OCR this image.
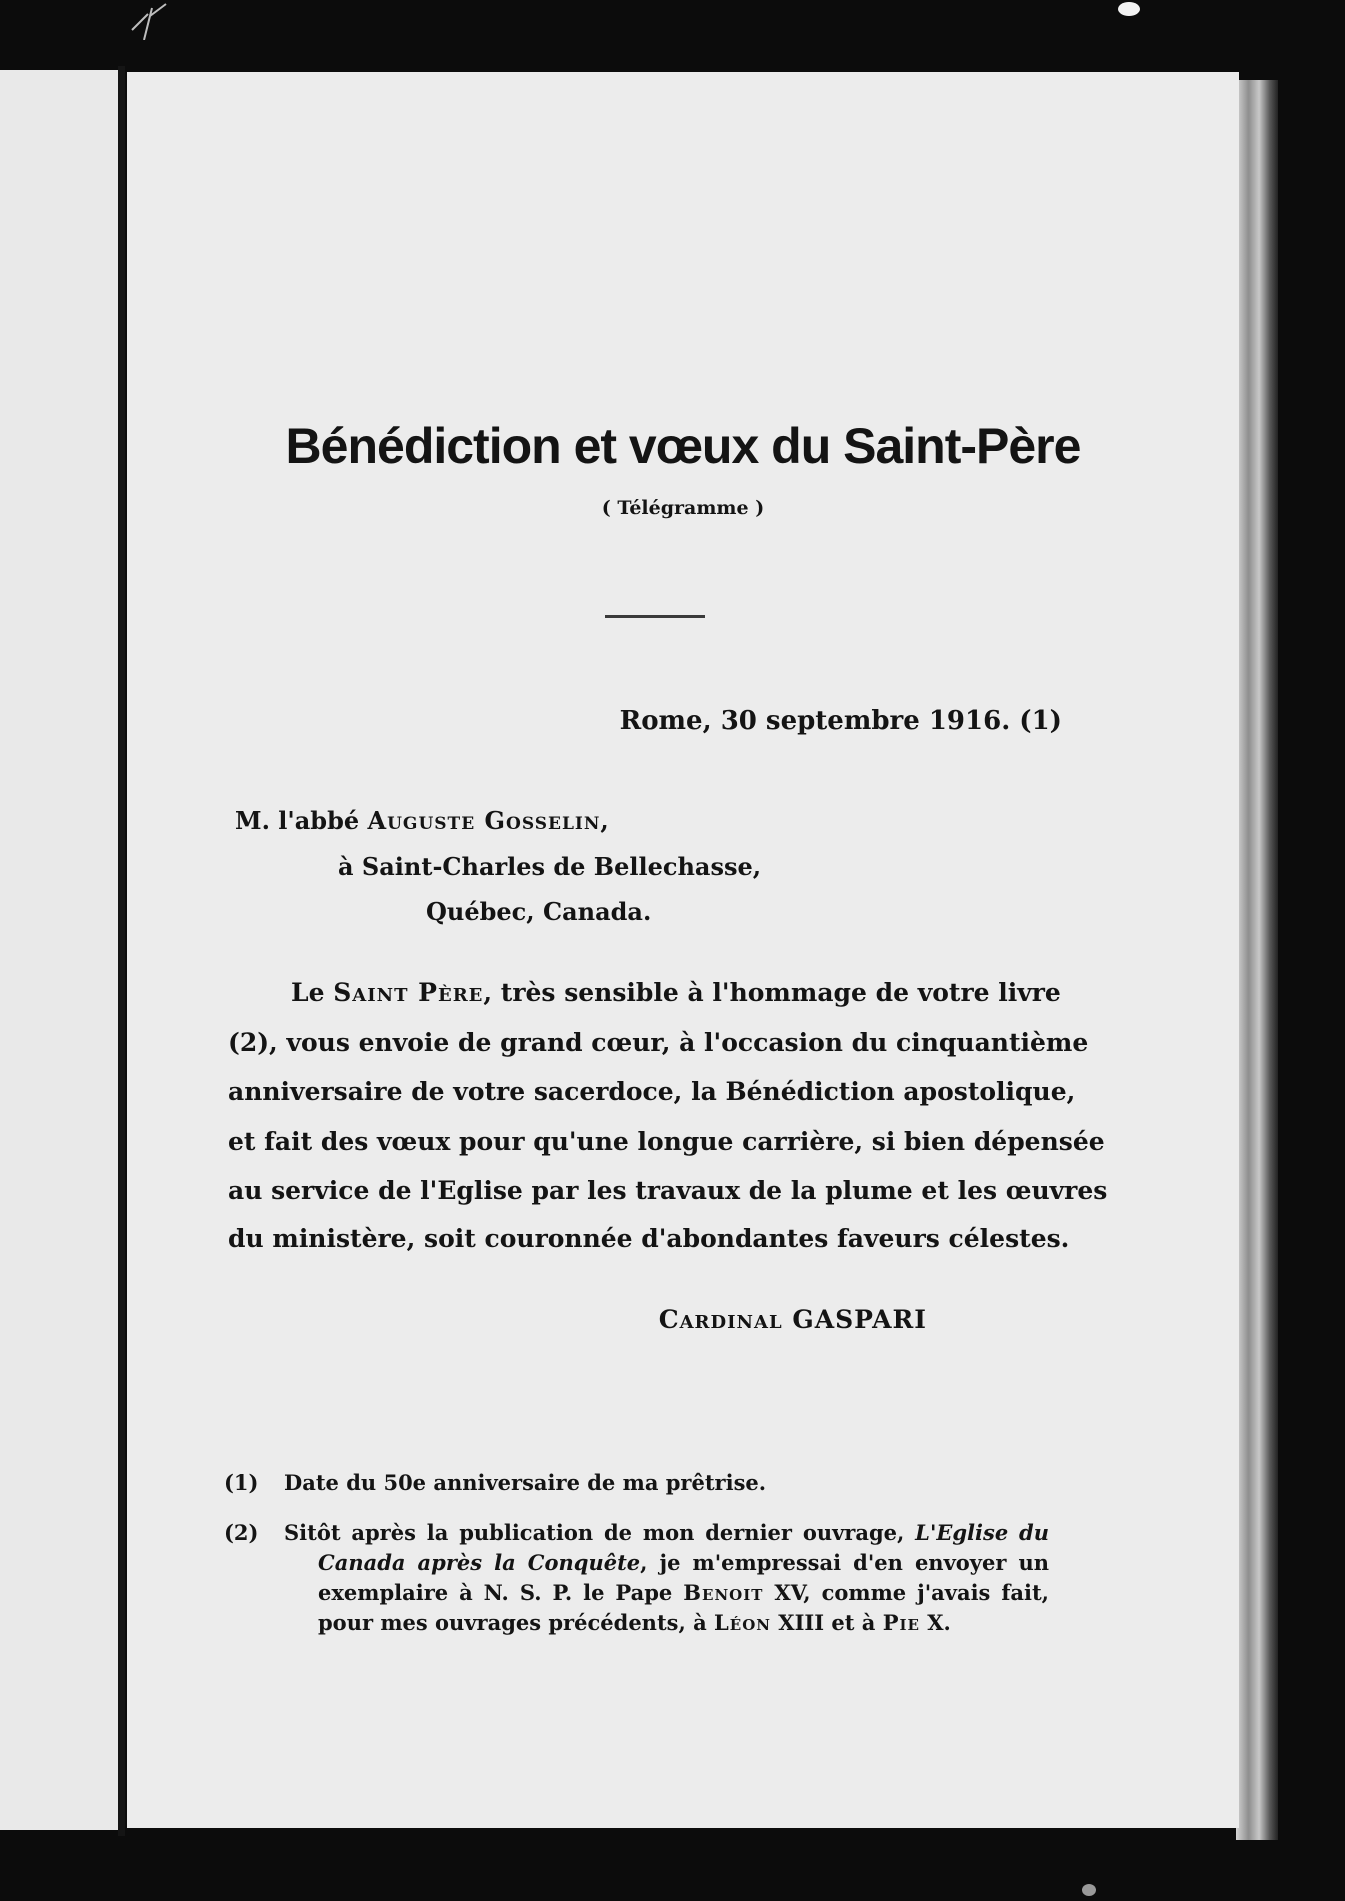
Bénédiction et vœux du Saint-Père
( Télégramme )
Rome, 30 septembre 1916. (1)
M. l'abbé Auguste Gosselin,
à Saint-Charles de Bellechasse,
Québec, Canada.
Le Saint Père, très sensible à l'hommage de votre livre
(2), vous envoie de grand cœur, à l'occasion du cinquantième
anniversaire de votre sacerdoce, la Bénédiction apostolique,
et fait des vœux pour qu'une longue carrière, si bien dépensée
au service de l'Eglise par les travaux de la plume et les œuvres
du ministère, soit couronnée d'abondantes faveurs célestes.
Cardinal GASPARI
(1) Date du 50e anniversaire de ma prêtrise.
(2) Sitôt après la publication de mon dernier ouvrage, L'Eglise du
Canada après la Conquête, je m'empressai d'en envoyer un
exemplaire à N. S. P. le Pape Benoit XV, comme j'avais fait,
pour mes ouvrages précédents, à Léon XIII et à Pie X.
